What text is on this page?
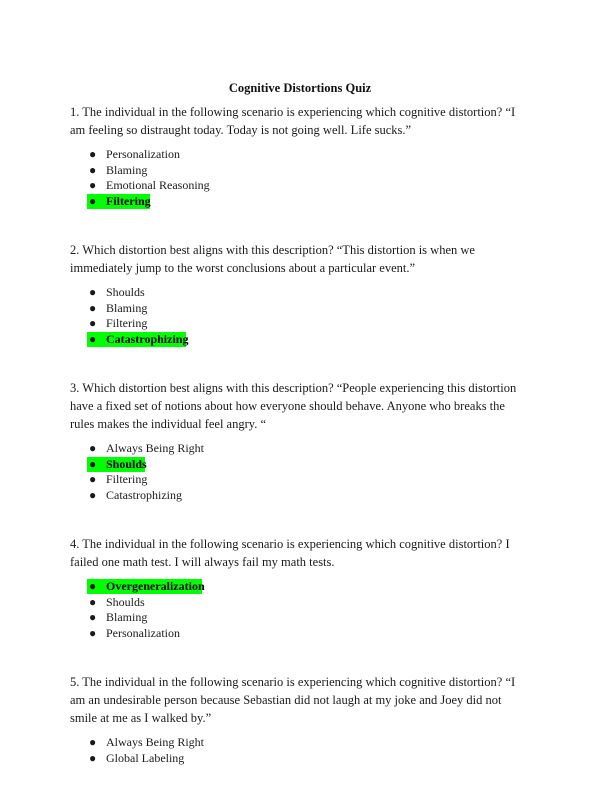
Cognitive Distortions Quiz

1. The individual in the following scenario is experiencing which cognitive distortion? “I am feeling so distraught today. Today is not going well. Life sucks.”

● Personalization
● Blaming
● Emotional Reasoning
● Filtering

2. Which distortion best aligns with this description? “This distortion is when we immediately jump to the worst conclusions about a particular event.”

● Shoulds
● Blaming
● Filtering
● Catastrophizing

3. Which distortion best aligns with this description? “People experiencing this distortion have a fixed set of notions about how everyone should behave. Anyone who breaks the rules makes the individual feel angry. “

● Always Being Right
● Shoulds
● Filtering
● Catastrophizing

4. The individual in the following scenario is experiencing which cognitive distortion? I failed one math test. I will always fail my math tests.

● Overgeneralization
● Shoulds
● Blaming
● Personalization

5. The individual in the following scenario is experiencing which cognitive distortion? “I am an undesirable person because Sebastian did not laugh at my joke and Joey did not smile at me as I walked by.”

● Always Being Right
● Global Labeling
